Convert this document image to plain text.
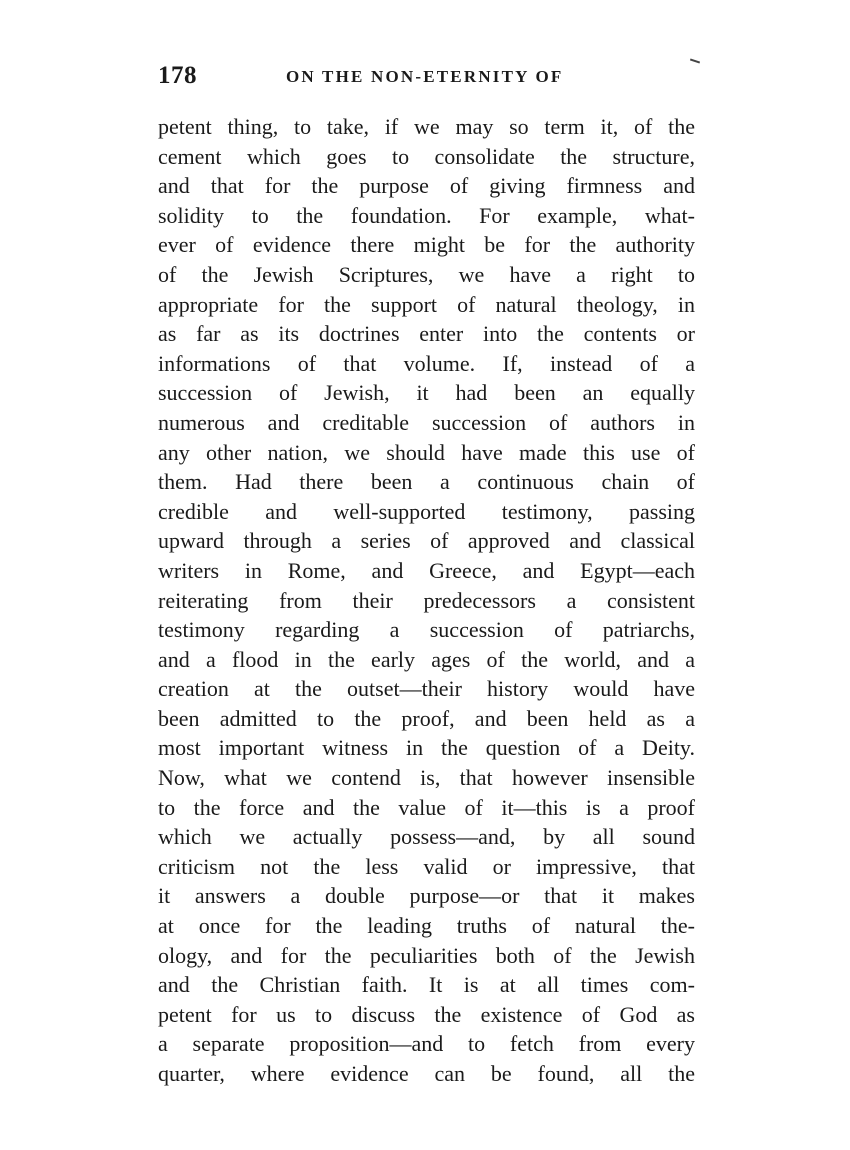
178	ON THE NON-ETERNITY OF
petent thing, to take, if we may so term it, of the
cement which goes to consolidate the structure,
and that for the purpose of giving firmness and
solidity to the foundation. For example, what-
ever of evidence there might be for the authority
of the Jewish Scriptures, we have a right to
appropriate for the support of natural theology, in
as far as its doctrines enter into the contents or
informations of that volume. If, instead of a
succession of Jewish, it had been an equally
numerous and creditable succession of authors in
any other nation, we should have made this use of
them. Had there been a continuous chain of
credible and well-supported testimony, passing
upward through a series of approved and classical
writers in Rome, and Greece, and Egypt—each
reiterating from their predecessors a consistent
testimony regarding a succession of patriarchs,
and a flood in the early ages of the world, and a
creation at the outset—their history would have
been admitted to the proof, and been held as a
most important witness in the question of a Deity.
Now, what we contend is, that however insensible
to the force and the value of it—this is a proof
which we actually possess—and, by all sound
criticism not the less valid or impressive, that
it answers a double purpose—or that it makes
at once for the leading truths of natural the-
ology, and for the peculiarities both of the Jewish
and the Christian faith. It is at all times com-
petent for us to discuss the existence of God as
a separate proposition—and to fetch from every
quarter, where evidence can be found, all the
